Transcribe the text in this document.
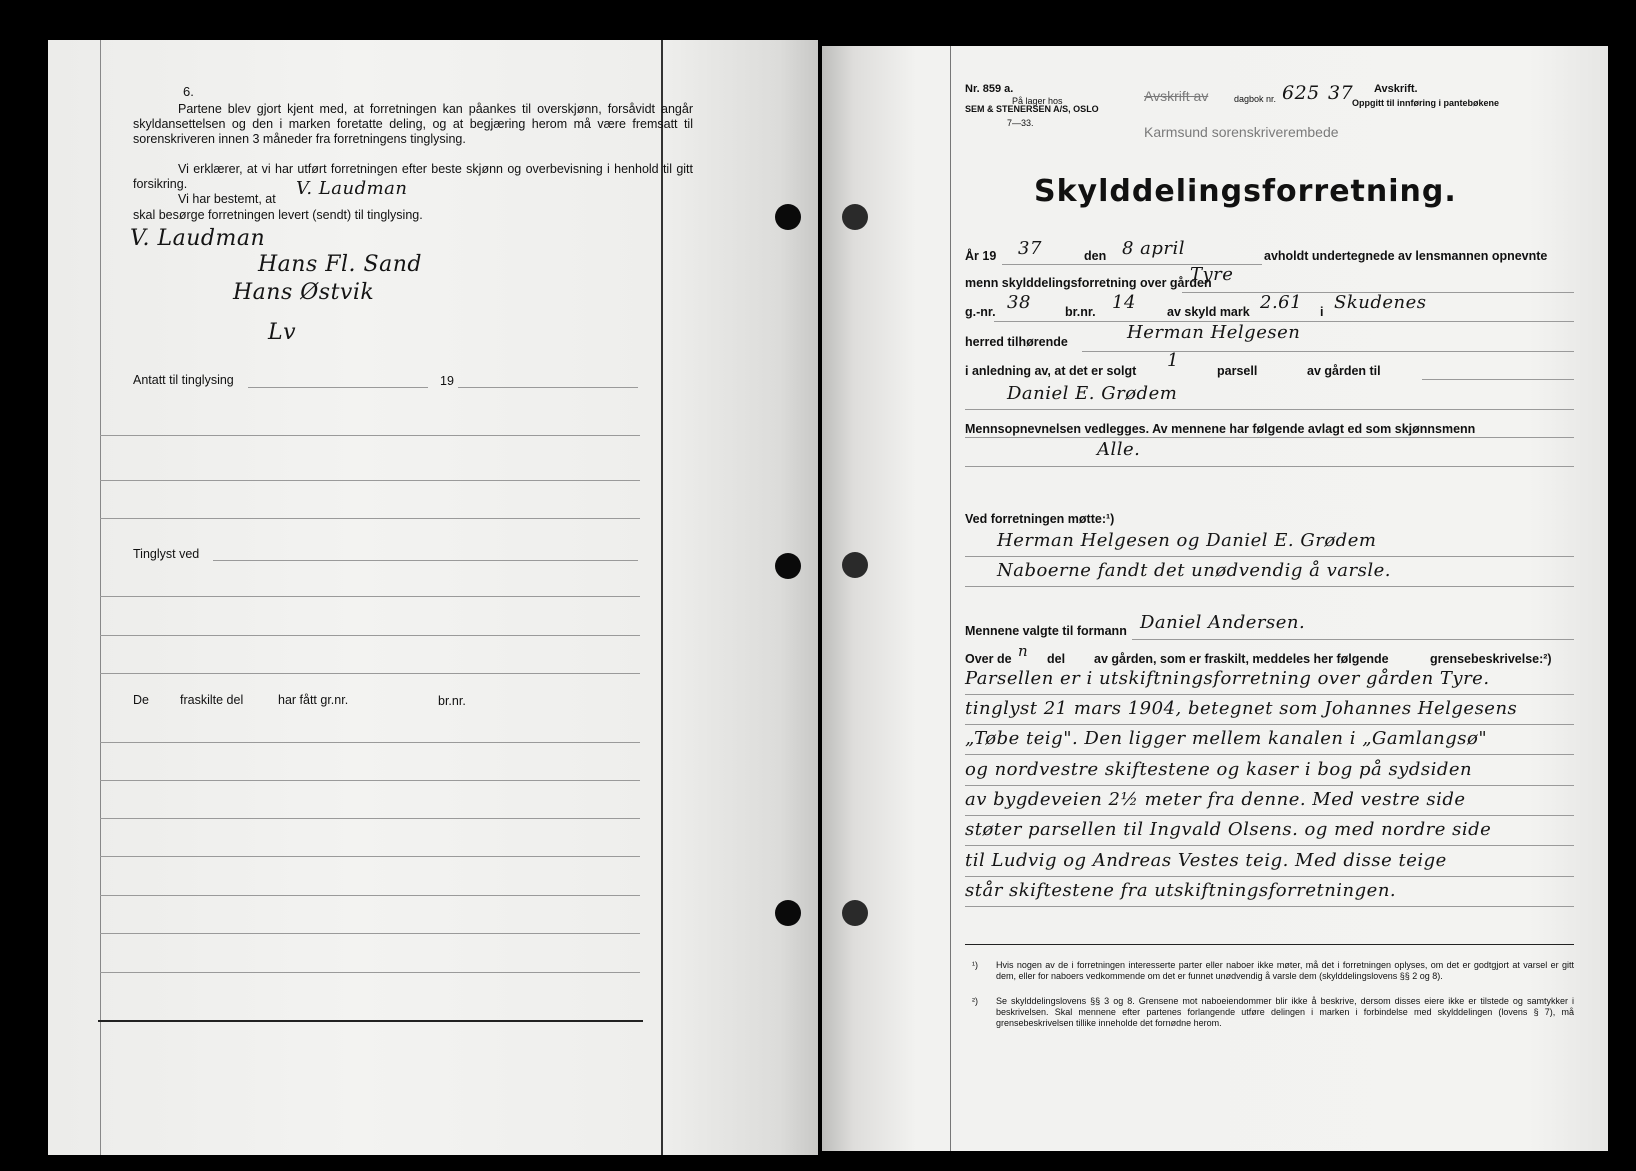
6.
Partene blev gjort kjent med, at forretningen kan påankes til overskjønn, forsåvidt angår skyldansettelsen og den i marken foretatte deling, og at begjæring herom må være fremsatt til sorenskriveren innen 3 måneder fra forretningens tinglysing.
Vi erklærer, at vi har utført forretningen efter beste skjønn og overbevisning i henhold til gitt forsikring.
Vi har bestemt, at V. Laudman
skal besørge forretningen levert (sendt) til tinglysing.
V. Laudman
Hans Fl. Sand
Hans Østvik
Lv
Antatt til tinglysing	19
Tinglyst ved
De fraskilte del	har fått gr.nr.	br.nr.
Nr. 859 a.
På lager hos
SEM & STENERSEN A/S, OSLO
7—33.
Avskrift av	dagbok nr. 625 37 Avskrift.
Oppgitt til innføring i pantebøkene
Karmsund sorenskriverembede
Skylddelingsforretning.
År 19 37	den 8 april	avholdt undertegnede av lensmannen opnevnte
menn skylddelingsforretning over gården
Tyre
g.-nr. 38	br.nr. 14 av skyld mark 2.61 i Skudenes
herred tilhørende	Herman Helgesen
i anledning av, at det er solgt 1	parsell	av gården til
Daniel E. Grødem
Mennsopnevnelsen vedlegges. Av mennene har følgende avlagt ed som skjønnsmenn
Alle.
Ved forretningen møtte:¹)
Herman Helgesen og Daniel E. Grødem
Naboerne fandt det unødvendig å varsle.
Mennene valgte til formann Daniel Andersen.
Over de n del av gården, som er fraskilt, meddeles her følgende	grensebeskrivelse:²)
Parsellen er i utskiftningsforretning over gården Tyre.
tinglyst 21 mars 1904, betegnet som Johannes Helgesens
„Tøbe teig". Den ligger mellem kanalen i „Gamlangsø"
og nordvestre skiftestene og kaser i bog på sydsiden
av bygdeveien 2½ meter fra denne. Med vestre side
støter parsellen til Ingvald Olsens. og med nordre side
til Ludvig og Andreas Vestes teig. Med disse teige
står skiftestene fra utskiftningsforretningen.
¹) Hvis nogen av de i forretningen interesserte parter eller naboer ikke møter, må det i forretningen oplyses, om det er godtgjort at varsel er gitt dem, eller for naboers vedkommende om det er funnet unødvendig å varsle dem (skylddelingslovens §§ 2 og 8).
²) Se skylddelingslovens §§ 3 og 8. Grensene mot naboeiendommer blir ikke å beskrive, dersom disses eiere ikke er tilstede og samtykker i beskrivelsen. Skal mennene efter partenes forlangende utføre delingen i marken i forbindelse med skylddelingen (lovens § 7), må grensebeskrivelsen tillike inneholde det fornødne herom.
